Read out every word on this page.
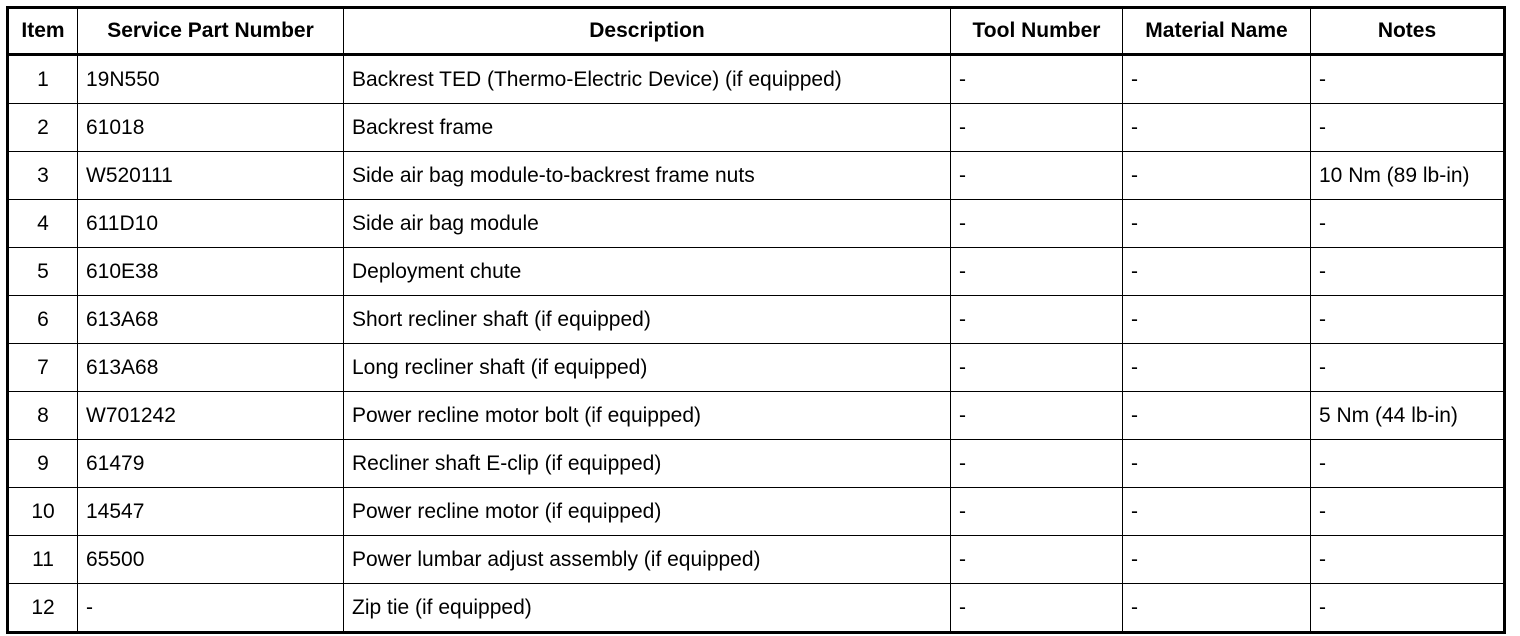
Item	Service Part Number	Description	Tool Number	Material Name	Notes
1	19N550	Backrest TED (Thermo-Electric Device) (if equipped)	-	-	-
2	61018	Backrest frame	-	-	-
3	W520111	Side air bag module-to-backrest frame nuts	-	-	10 Nm (89 lb-in)
4	611D10	Side air bag module	-	-	-
5	610E38	Deployment chute	-	-	-
6	613A68	Short recliner shaft (if equipped)	-	-	-
7	613A68	Long recliner shaft (if equipped)	-	-	-
8	W701242	Power recline motor bolt (if equipped)	-	-	5 Nm (44 lb-in)
9	61479	Recliner shaft E-clip (if equipped)	-	-	-
10	14547	Power recline motor (if equipped)	-	-	-
11	65500	Power lumbar adjust assembly (if equipped)	-	-	-
12	-	Zip tie (if equipped)	-	-	-
